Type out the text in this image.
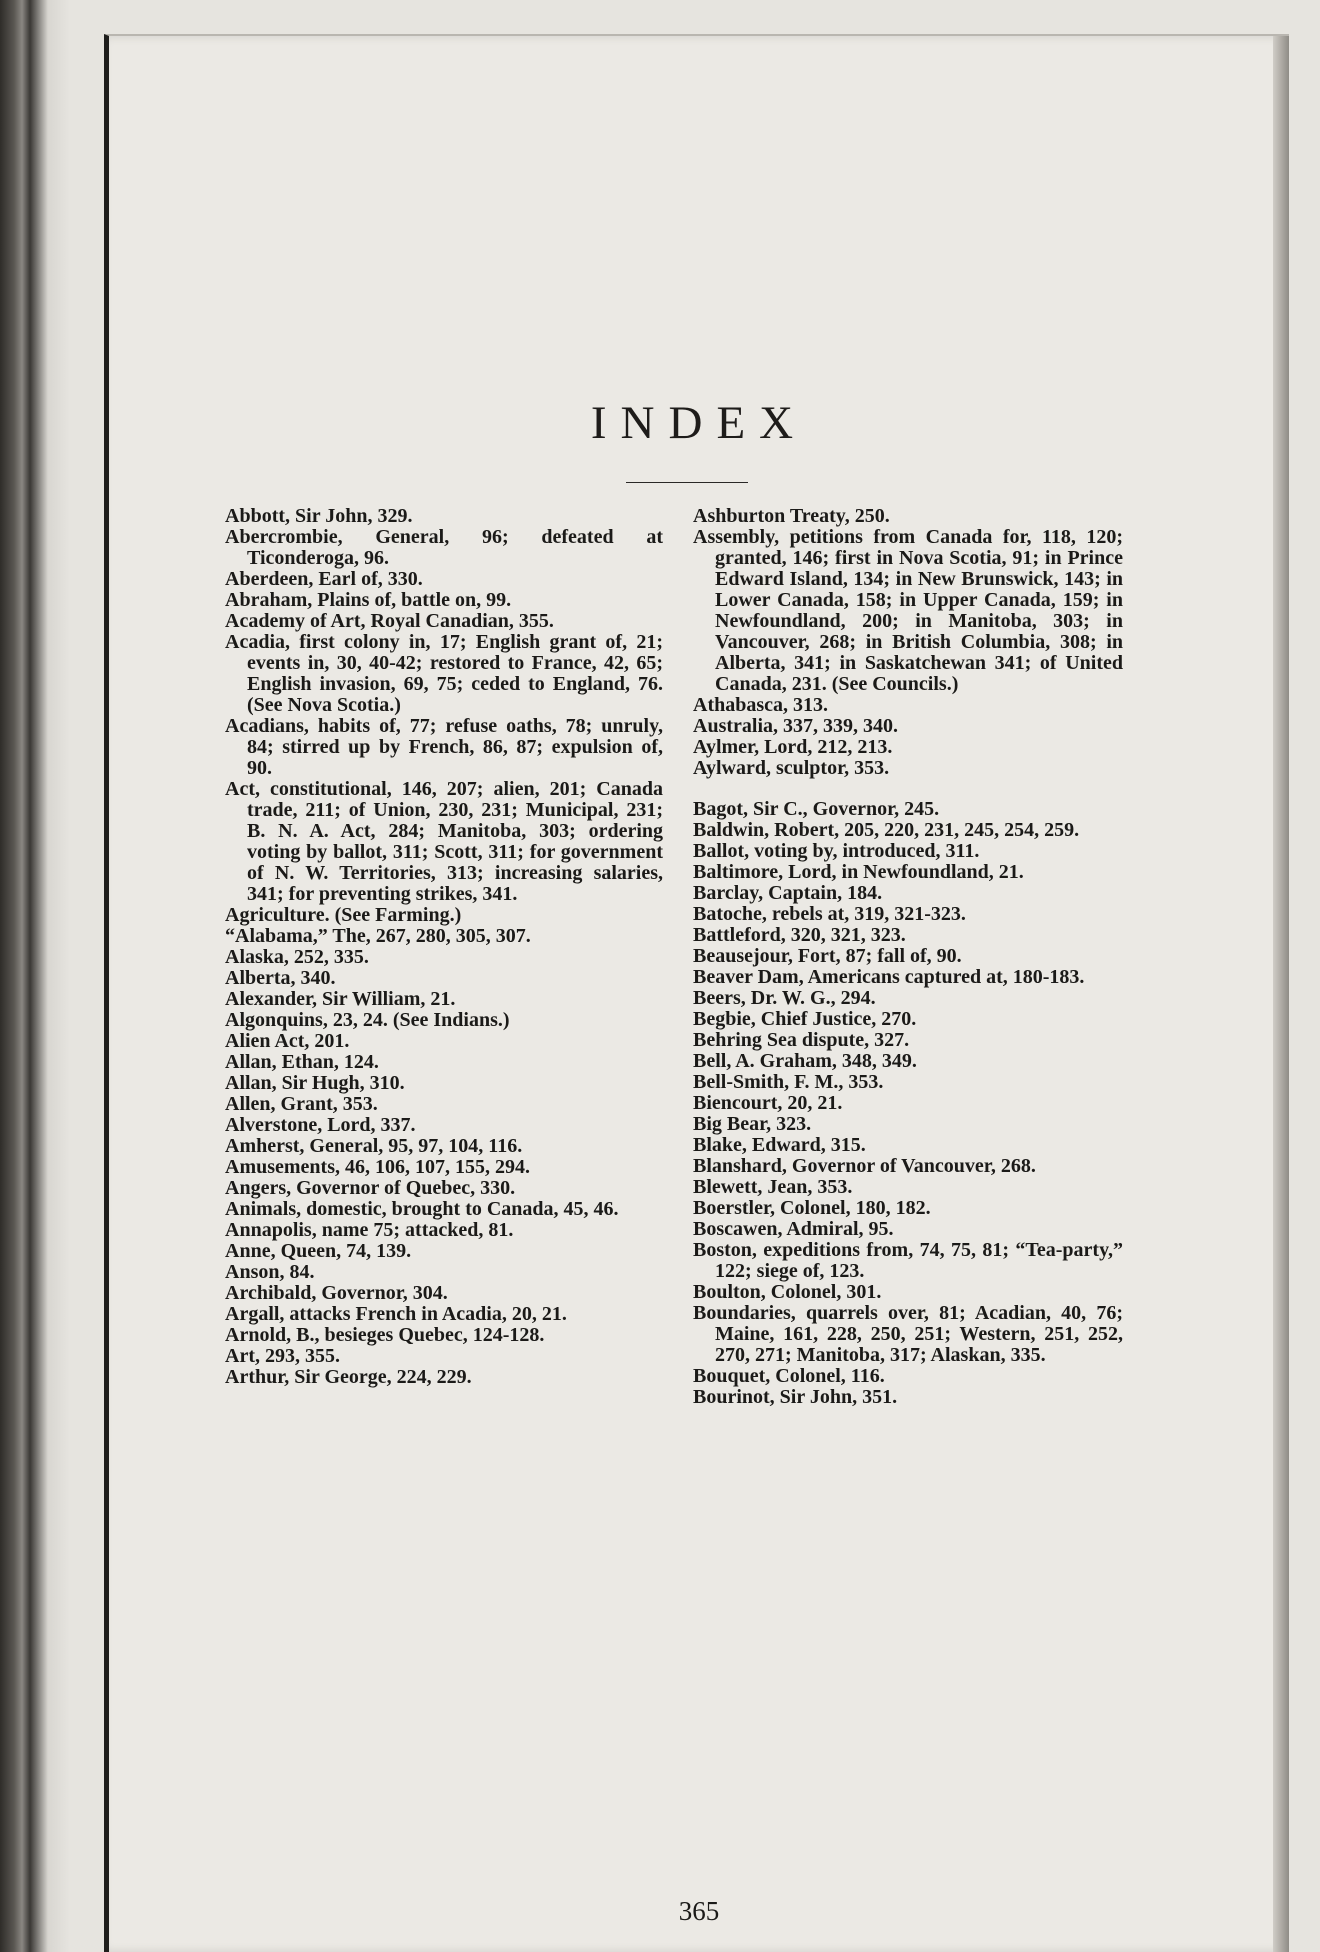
INDEX

Abbott, Sir John, 329.

Abercrombie, General, 96; defeated at Ticonderoga, 96.

Aberdeen, Earl of, 330.

Abraham, Plains of, battle on, 99.

Academy of Art, Royal Canadian, 355.

Acadia, first colony in, 17; English grant of, 21; events in, 30, 40-42; restored to France, 42, 65; English invasion, 69, 75; ceded to England, 76. (See Nova Scotia.)

Acadians, habits of, 77; refuse oaths, 78; unruly, 84; stirred up by French, 86, 87; expulsion of, 90.

Act, constitutional, 146, 207; alien, 201; Canada trade, 211; of Union, 230, 231; Municipal, 231; B. N. A. Act, 284; Manitoba, 303; ordering voting by ballot, 311; Scott, 311; for government of N. W. Territories, 313; increasing salaries, 341; for preventing strikes, 341.

Agriculture. (See Farming.)

“Alabama,” The, 267, 280, 305, 307.

Alaska, 252, 335.

Alberta, 340.

Alexander, Sir William, 21.

Algonquins, 23, 24. (See Indians.)

Alien Act, 201.

Allan, Ethan, 124.

Allan, Sir Hugh, 310.

Allen, Grant, 353.

Alverstone, Lord, 337.

Amherst, General, 95, 97, 104, 116.

Amusements, 46, 106, 107, 155, 294.

Angers, Governor of Quebec, 330.

Animals, domestic, brought to Canada, 45, 46.

Annapolis, name 75; attacked, 81.

Anne, Queen, 74, 139.

Anson, 84.

Archibald, Governor, 304.

Argall, attacks French in Acadia, 20, 21.

Arnold, B., besieges Quebec, 124-128.

Art, 293, 355.

Arthur, Sir George, 224, 229.

Ashburton Treaty, 250.

Assembly, petitions from Canada for, 118, 120; granted, 146; first in Nova Scotia, 91; in Prince Edward Island, 134; in New Brunswick, 143; in Lower Canada, 158; in Upper Canada, 159; in Newfoundland, 200; in Manitoba, 303; in Vancouver, 268; in British Columbia, 308; in Alberta, 341; in Saskatchewan 341; of United Canada, 231. (See Councils.)

Athabasca, 313.

Australia, 337, 339, 340.

Aylmer, Lord, 212, 213.

Aylward, sculptor, 353.

Bagot, Sir C., Governor, 245.

Baldwin, Robert, 205, 220, 231, 245, 254, 259.

Ballot, voting by, introduced, 311.

Baltimore, Lord, in Newfoundland, 21.

Barclay, Captain, 184.

Batoche, rebels at, 319, 321-323.

Battleford, 320, 321, 323.

Beausejour, Fort, 87; fall of, 90.

Beaver Dam, Americans captured at, 180-183.

Beers, Dr. W. G., 294.

Begbie, Chief Justice, 270.

Behring Sea dispute, 327.

Bell, A. Graham, 348, 349.

Bell-Smith, F. M., 353.

Biencourt, 20, 21.

Big Bear, 323.

Blake, Edward, 315.

Blanshard, Governor of Vancouver, 268.

Blewett, Jean, 353.

Boerstler, Colonel, 180, 182.

Boscawen, Admiral, 95.

Boston, expeditions from, 74, 75, 81; “Tea-party,” 122; siege of, 123.

Boulton, Colonel, 301.

Boundaries, quarrels over, 81; Acadian, 40, 76; Maine, 161, 228, 250, 251; Western, 251, 252, 270, 271; Manitoba, 317; Alaskan, 335.

Bouquet, Colonel, 116.

Bourinot, Sir John, 351.

365
